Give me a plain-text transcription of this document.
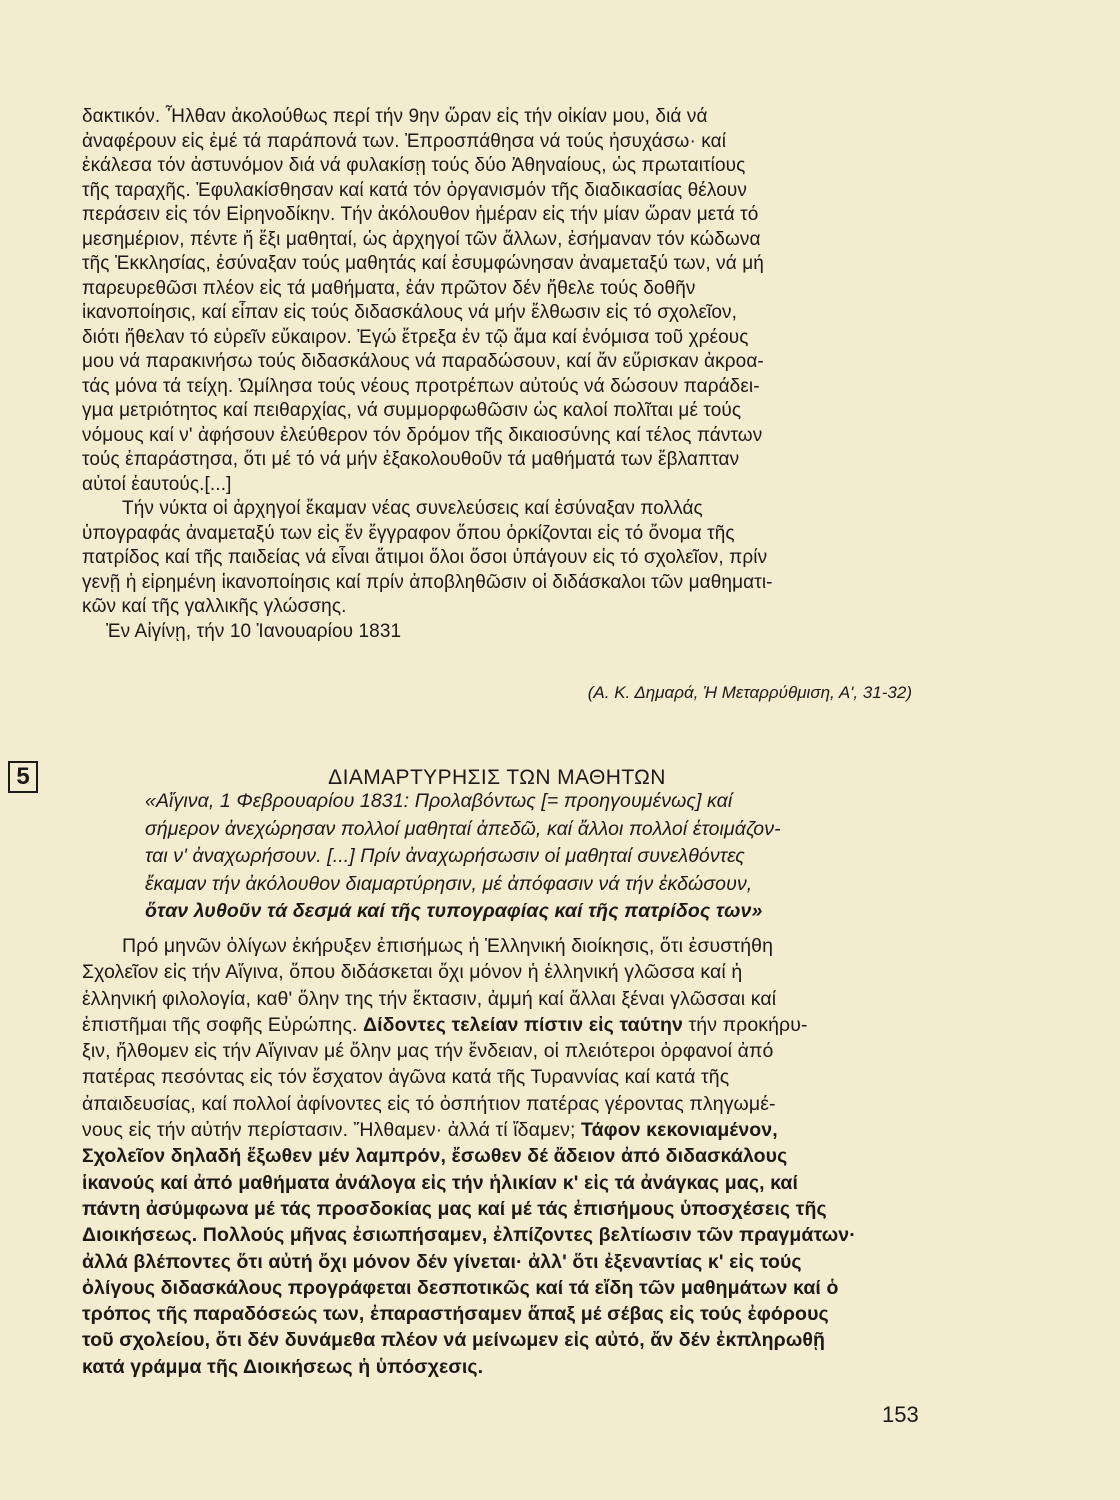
δακτικόν. Ἦλθαν ἀκολούθως περί τήν 9ην ὥραν εἰς τήν οἰκίαν μου, διά νά
ἀναφέρουν εἰς ἐμέ τά παράπονά των. Ἐπροσπάθησα νά τούς ἡσυχάσω· καί
ἐκάλεσα τόν ἀστυνόμον διά νά φυλακίσῃ τούς δύο Ἀθηναίους, ὡς πρωταιτίους
τῆς ταραχῆς. Ἐφυλακίσθησαν καί κατά τόν ὀργανισμόν τῆς διαδικασίας θέλουν
περάσειν εἰς τόν Εἰρηνοδίκην. Τήν ἀκόλουθον ἡμέραν εἰς τήν μίαν ὥραν μετά τό
μεσημέριον, πέντε ἤ ἕξι μαθηταί, ὡς ἀρχηγοί τῶν ἄλλων, ἐσήμαναν τόν κώδωνα
τῆς Ἐκκλησίας, ἐσύναξαν τούς μαθητάς καί ἐσυμφώνησαν ἀναμεταξύ των, νά μή
παρευρεθῶσι πλέον εἰς τά μαθήματα, ἐάν πρῶτον δέν ἤθελε τούς δοθῆν
ἱκανοποίησις, καί εἶπαν εἰς τούς διδασκάλους νά μήν ἔλθωσιν εἰς τό σχολεῖον,
διότι ἤθελαν τό εὑρεῖν εὔκαιρον. Ἐγώ ἔτρεξα ἐν τῷ ἅμα καί ἐνόμισα τοῦ χρέους
μου νά παρακινήσω τούς διδασκάλους νά παραδώσουν, καί ἄν εὕρισκαν ἀκροα-
τάς μόνα τά τείχη. Ὡμίλησα τούς νέους προτρέπων αὐτούς νά δώσουν παράδει-
γμα μετριότητος καί πειθαρχίας, νά συμμορφωθῶσιν ὡς καλοί πολῖται μέ τούς
νόμους καί ν' ἀφήσουν ἐλεύθερον τόν δρόμον τῆς δικαιοσύνης καί τέλος πάντων
τούς ἐπαράστησα, ὅτι μέ τό νά μήν ἐξακολουθοῦν τά μαθήματά των ἔβλαπταν
αὐτοί ἑαυτούς.[...]
Τήν νύκτα οἱ ἀρχηγοί ἔκαμαν νέας συνελεύσεις καί ἐσύναξαν πολλάς
ὑπογραφάς ἀναμεταξύ των εἰς ἕν ἔγγραφον ὅπου ὁρκίζονται εἰς τό ὄνομα τῆς
πατρίδος καί τῆς παιδείας νά εἶναι ἄτιμοι ὅλοι ὅσοι ὑπάγουν εἰς τό σχολεῖον, πρίν
γενῇ ἡ εἰρημένη ἱκανοποίησις καί πρίν ἀποβληθῶσιν οἱ διδάσκαλοι τῶν μαθηματι-
κῶν καί τῆς γαλλικῆς γλώσσης.
Ἐν Αἰγίνῃ, τήν 10 Ἰανουαρίου 1831
(Α. Κ. Δημαρά, Ἡ Μεταρρύθμιση, Α', 31-32)
5	ΔΙΑΜΑΡΤΥΡΗΣΙΣ ΤΩΝ ΜΑΘΗΤΩΝ
«Αἴγινα, 1 Φεβρουαρίου 1831: Προλαβόντως [= προηγουμένως] καί
σήμερον ἀνεχώρησαν πολλοί μαθηταί ἀπεδῶ, καί ἄλλοι πολλοί ἑτοιμάζον-
ται ν' ἀναχωρήσουν. [...] Πρίν ἀναχωρήσωσιν οἱ μαθηταί συνελθόντες
ἔκαμαν τήν ἀκόλουθον διαμαρτύρησιν, μέ ἀπόφασιν νά τήν ἐκδώσουν,
ὅταν λυθοῦν τά δεσμά καί τῆς τυπογραφίας καί τῆς πατρίδος των»
Πρό μηνῶν ὀλίγων ἐκήρυξεν ἐπισήμως ἡ Ἑλληνική διοίκησις, ὅτι ἐσυστήθη
Σχολεῖον εἰς τήν Αἴγινα, ὅπου διδάσκεται ὄχι μόνον ἡ ἑλληνική γλῶσσα καί ἡ
ἑλληνική φιλολογία, καθ' ὅλην της τήν ἔκτασιν, ἀμμή καί ἄλλαι ξέναι γλῶσσαι καί
ἐπιστῆμαι τῆς σοφῆς Εὐρώπης. Δίδοντες τελείαν πίστιν εἰς ταύτην τήν προκήρυ-
ξιν, ἤλθομεν εἰς τήν Αἴγιναν μέ ὅλην μας τήν ἔνδειαν, οἱ πλειότεροι ὀρφανοί ἀπό
πατέρας πεσόντας εἰς τόν ἔσχατον ἀγῶνα κατά τῆς Τυραννίας καί κατά τῆς
ἀπαιδευσίας, καί πολλοί ἀφίνοντες εἰς τό ὀσπήτιον πατέρας γέροντας πληγωμέ-
νους εἰς τήν αὐτήν περίστασιν. Ἤλθαμεν· ἀλλά τί ἴδαμεν; Τάφον κεκονιαμένον,
Σχολεῖον δηλαδή ἔξωθεν μέν λαμπρόν, ἔσωθεν δέ ἄδειον ἀπό διδασκάλους
ἱκανούς καί ἀπό μαθήματα ἀνάλογα εἰς τήν ἡλικίαν κ' εἰς τά ἀνάγκας μας, καί
πάντη ἀσύμφωνα μέ τάς προσδοκίας μας καί μέ τάς ἐπισήμους ὑποσχέσεις τῆς
Διοικήσεως. Πολλούς μῆνας ἐσιωπήσαμεν, ἐλπίζοντες βελτίωσιν τῶν πραγμάτων·
ἀλλά βλέποντες ὅτι αὐτή ὄχι μόνον δέν γίνεται· ἀλλ' ὅτι ἐξεναντίας κ' εἰς τούς
ὀλίγους διδασκάλους προγράφεται δεσποτικῶς καί τά εἴδη τῶν μαθημάτων καί ὁ
τρόπος τῆς παραδόσεώς των, ἐπαραστήσαμεν ἅπαξ μέ σέβας εἰς τούς ἐφόρους
τοῦ σχολείου, ὅτι δέν δυνάμεθα πλέον νά μείνωμεν εἰς αὐτό, ἄν δέν ἐκπληρωθῇ
κατά γράμμα τῆς Διοικήσεως ἡ ὑπόσχεσις.
153
